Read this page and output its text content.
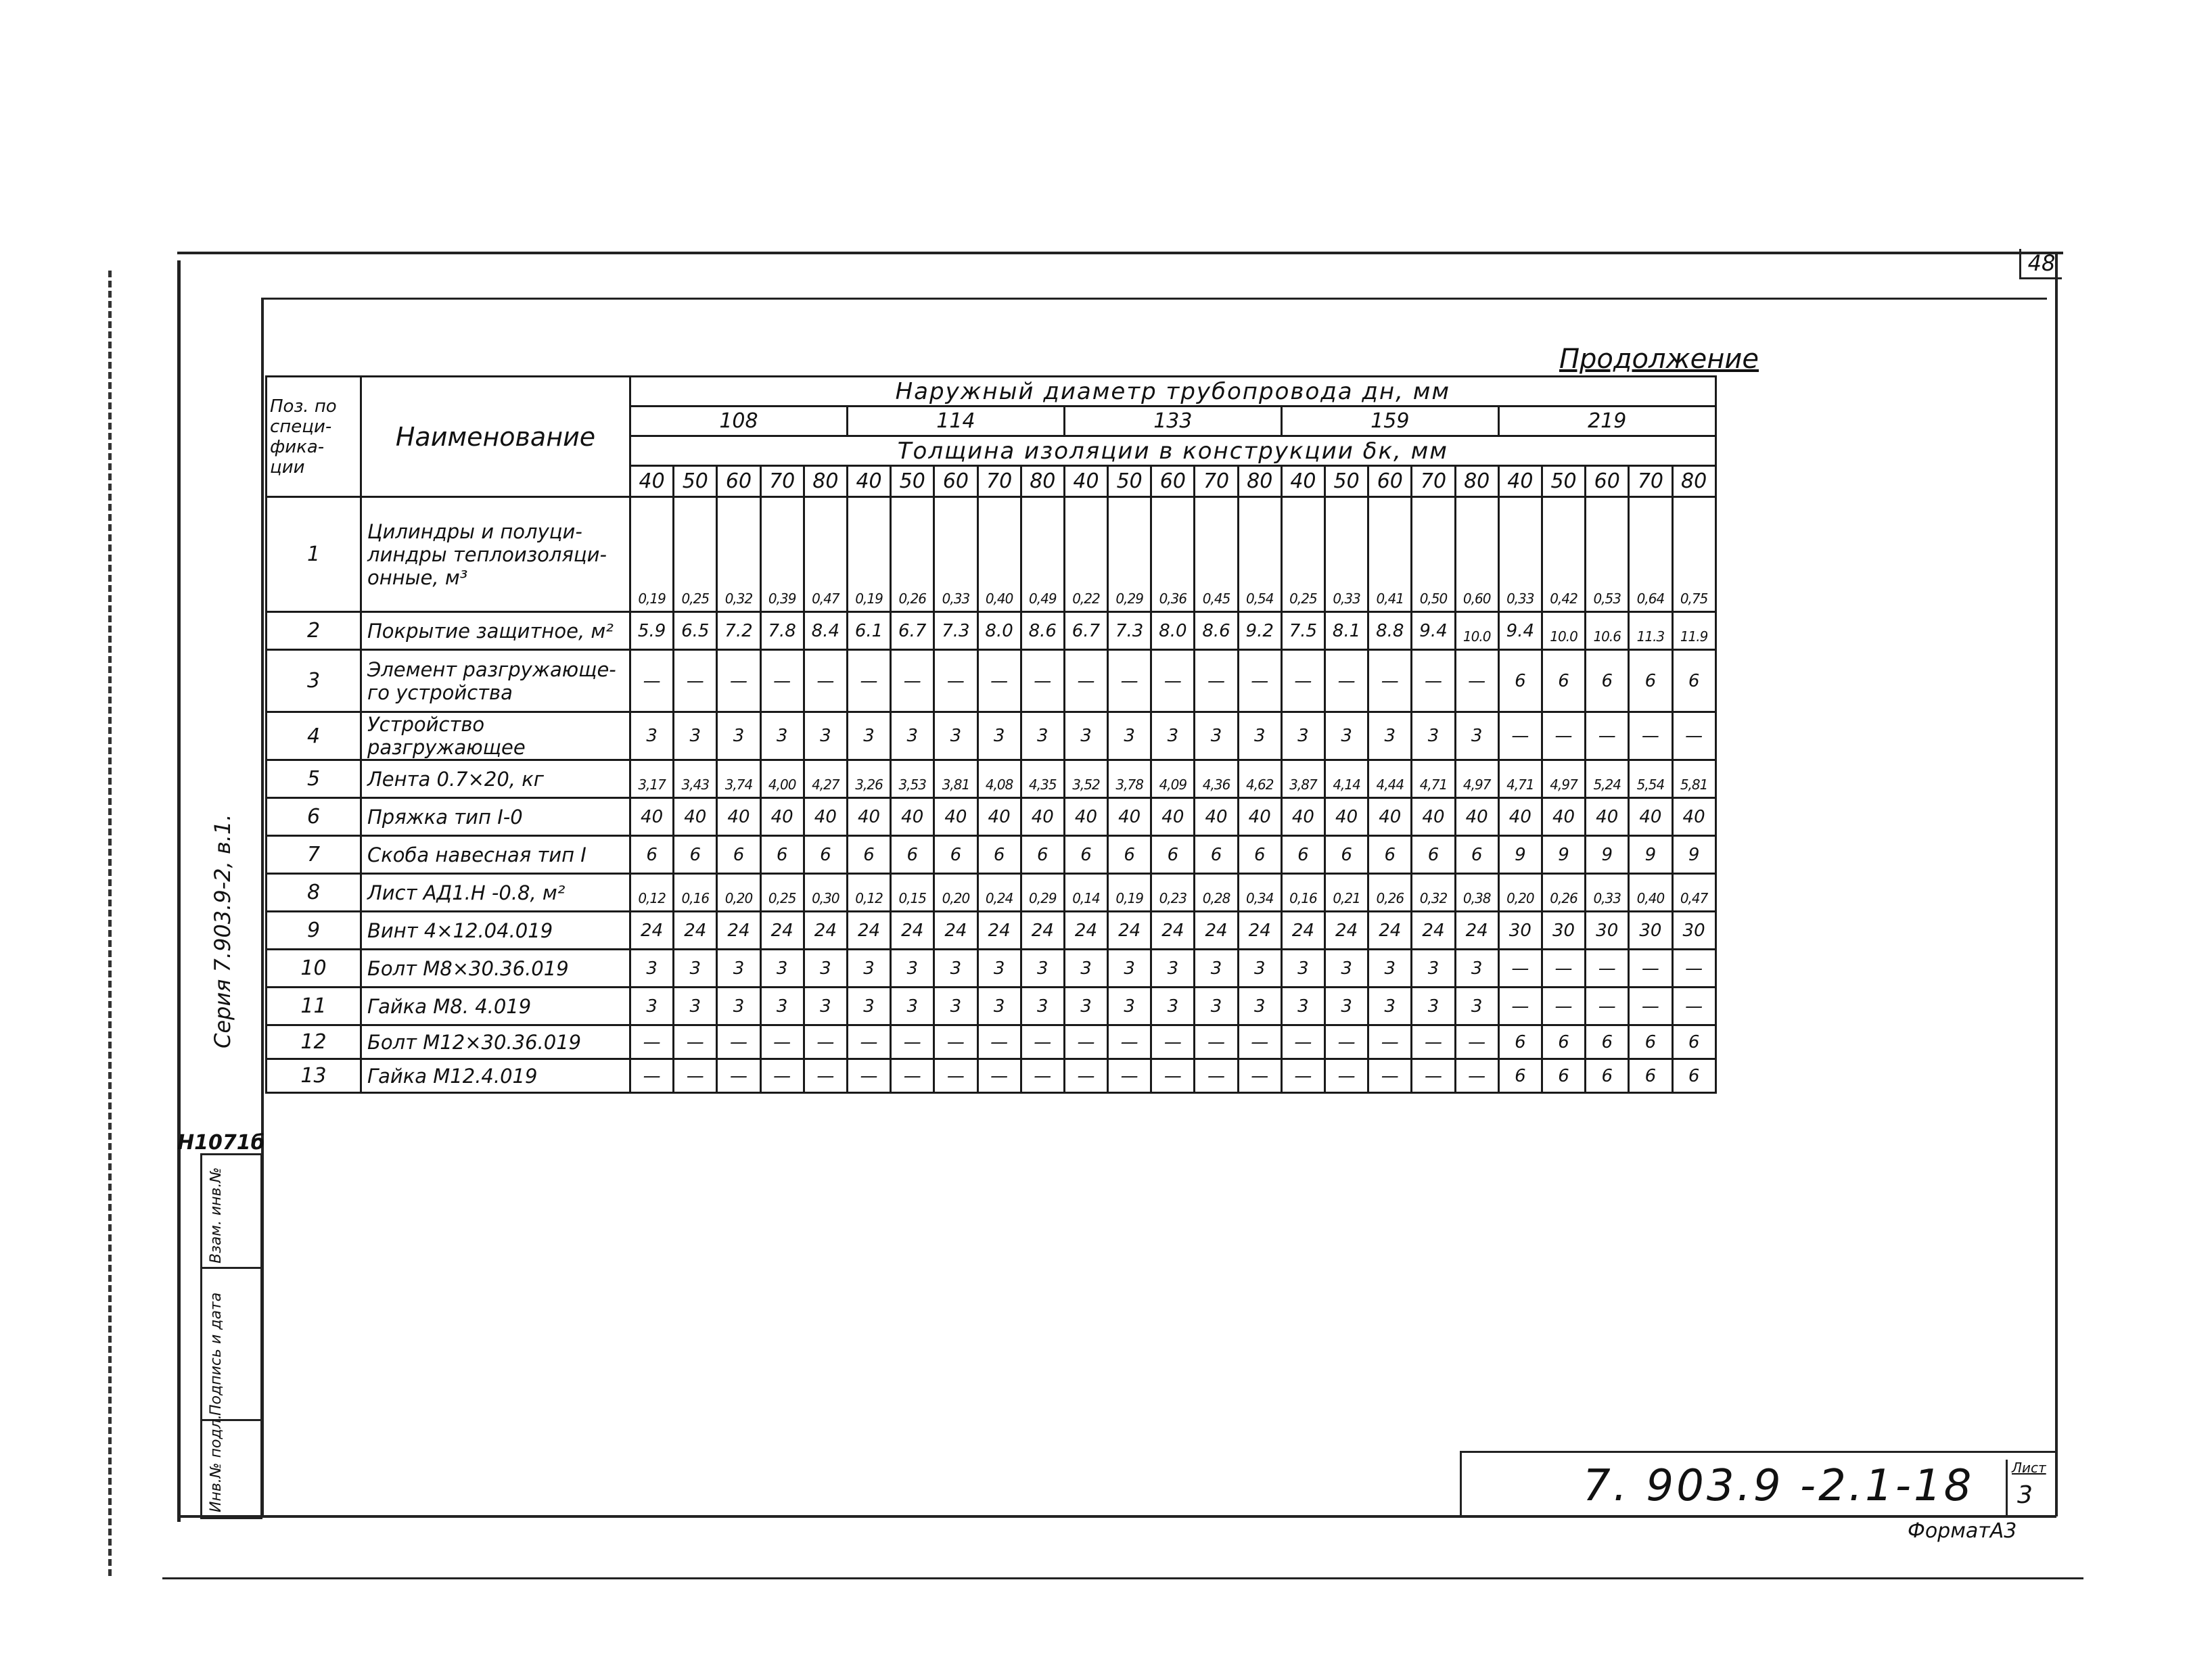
48
Продолжение
Поз. по специ- фика- ции	Наименование	Наружный диаметр трубопровода дн, мм																								
		108					114					133					159					219				
		Толщина изоляции в конструкции δк, мм																								
		40	50	60	70	80	40	50	60	70	80	40	50	60	70	80	40	50	60	70	80	40	50	60	70	80
1	Цилиндры и полуци- линдры теплоизоляци- онные, м³	0,19	0,25	0,32	0,39	0,47	0,19	0,26	0,33	0,40	0,49	0,22	0,29	0,36	0,45	0,54	0,25	0,33	0,41	0,50	0,60	0,33	0,42	0,53	0,64	0,75
2	Покрытие защитное, м²	5.9	6.5	7.2	7.8	8.4	6.1	6.7	7.3	8.0	8.6	6.7	7.3	8.0	8.6	9.2	7.5	8.1	8.8	9.4	10.0	9.4	10.0	10.6	11.3	11.9
3	Элемент разгружающе- го устройства	—	—	—	—	—	—	—	—	—	—	—	—	—	—	—	—	—	—	—	—	6	6	6	6	6
4	Устройство разгружающее	3	3	3	3	3	3	3	3	3	3	3	3	3	3	3	3	3	3	3	3	—	—	—	—	—
5	Лента 0.7×20, кг	3,17	3,43	3,74	4,00	4,27	3,26	3,53	3,81	4,08	4,35	3,52	3,78	4,09	4,36	4,62	3,87	4,14	4,44	4,71	4,97	4,71	4,97	5,24	5,54	5,81
6	Пряжка тип I-0	40	40	40	40	40	40	40	40	40	40	40	40	40	40	40	40	40	40	40	40	40	40	40	40	40
7	Скоба навесная тип I	6	6	6	6	6	6	6	6	6	6	6	6	6	6	6	6	6	6	6	6	9	9	9	9	9
8	Лист АД1.Н -0.8, м²	0,12	0,16	0,20	0,25	0,30	0,12	0,15	0,20	0,24	0,29	0,14	0,19	0,23	0,28	0,34	0,16	0,21	0,26	0,32	0,38	0,20	0,26	0,33	0,40	0,47
9	Винт 4×12.04.019	24	24	24	24	24	24	24	24	24	24	24	24	24	24	24	24	24	24	24	24	30	30	30	30	30
10	Болт М8×30.36.019	3	3	3	3	3	3	3	3	3	3	3	3	3	3	3	3	3	3	3	3	—	—	—	—	—
11	Гайка М8. 4.019	3	3	3	3	3	3	3	3	3	3	3	3	3	3	3	3	3	3	3	3	—	—	—	—	—
12	Болт М12×30.36.019	—	—	—	—	—	—	—	—	—	—	—	—	—	—	—	—	—	—	—	—	6	6	6	6	6
13	Гайка М12.4.019	—	—	—	—	—	—	—	—	—	—	—	—	—	—	—	—	—	—	—	—	6	6	6	6	6
Серия 7.903.9-2, в.1.
Н1071б
Инв.№ подл.
Подпись и дата
Взам. инв.№
7. 903.9 -2.1-18	Лист
3
ФорматА3
